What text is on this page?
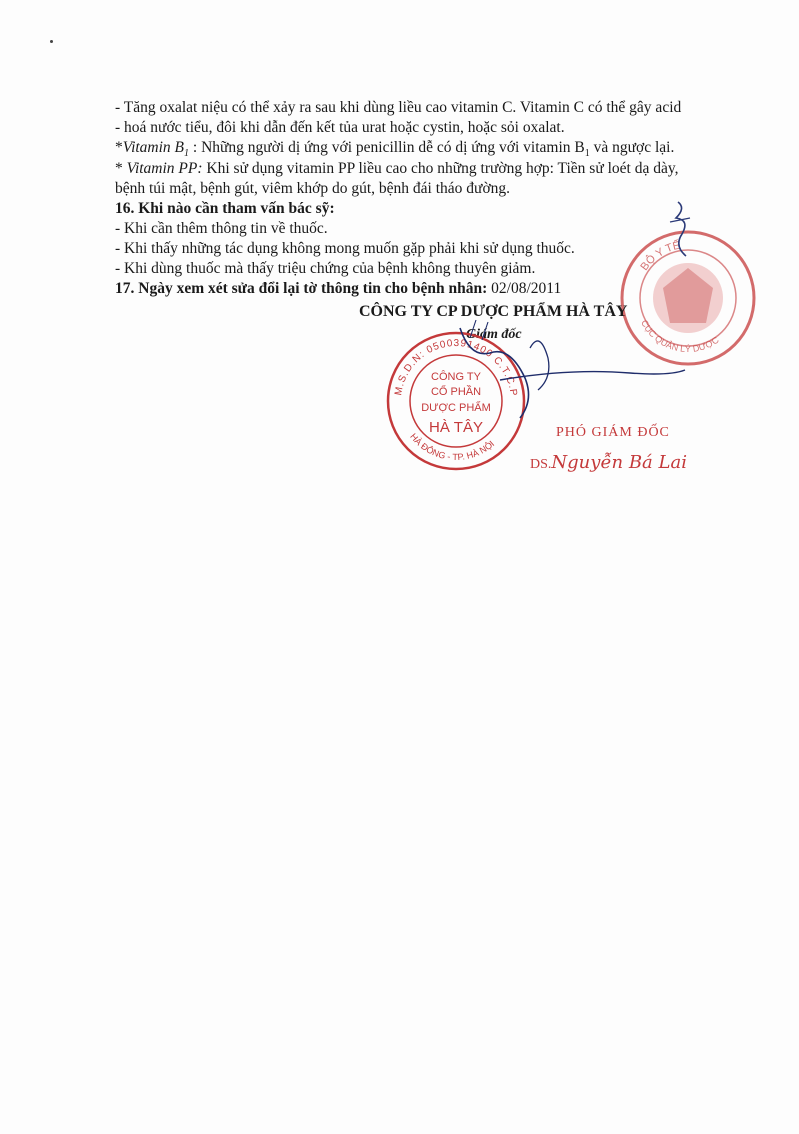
- Tăng oxalat niệu có thể xảy ra sau khi dùng liều cao vitamin C. Vitamin C có thể gây acid
- hoá nước tiểu, đôi khi dẫn đến kết tủa urat hoặc cystin, hoặc sỏi oxalat.
*Vitamin $B_1$ : Những người dị ứng với penicillin dễ có dị ứng với vitamin $B_1$ và ngược lại.
* Vitamin PP: Khi sử dụng vitamin PP liều cao cho những trường hợp: Tiền sử loét dạ dày,
bệnh túi mật, bệnh gút, viêm khớp do gút, bệnh đái tháo đường.
16. Khi nào cần tham vấn bác sỹ:
- Khi cần thêm thông tin về thuốc.
- Khi thấy những tác dụng không mong muốn gặp phải khi sử dụng thuốc.
- Khi dùng thuốc mà thấy triệu chứng của bệnh không thuyên giảm.
17. Ngày xem xét sửa đổi lại tờ thông tin cho bệnh nhân: 02/08/2011
BỘ Y TẾ
CỤC QUẢN LÝ DƯỢC
CÔNG TY CP DƯỢC PHẨM HÀ TÂY
Giám đốc
M.S.D.N: 0500391400 C.T.C.P
HÀ ĐÔNG - TP. HÀ NỘI
CÔNG TY
CỔ PHẦN
DƯỢC PHẨM
HÀ TÂY	PHÓ GIÁM ĐỐC
DS.Nguyễn Bá Lai
